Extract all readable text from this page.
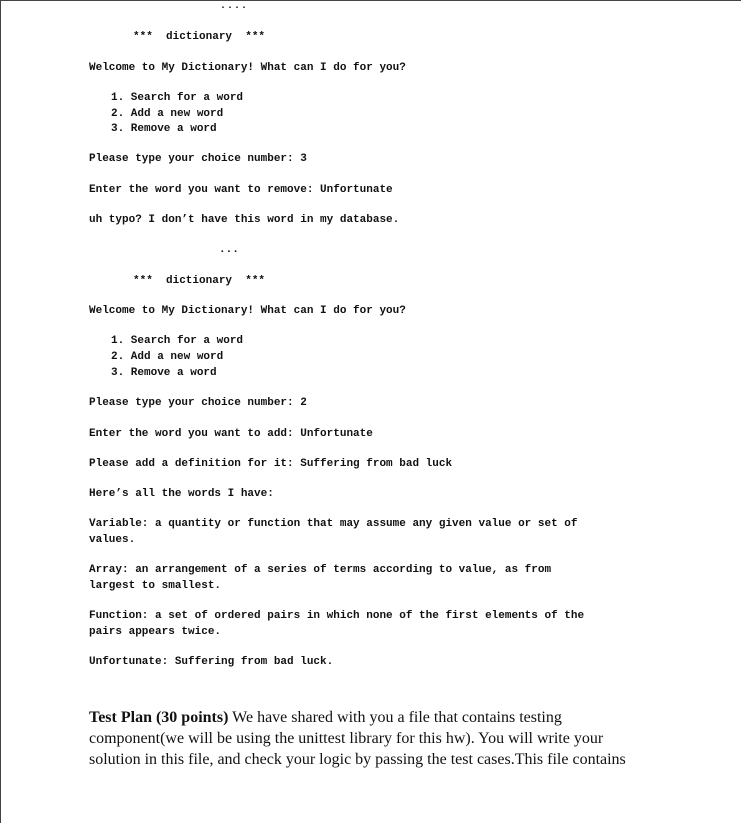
....
***  dictionary  ***
Welcome to My Dictionary! What can I do for you?
1. Search for a word
2. Add a new word
3. Remove a word
Please type your choice number: 3
Enter the word you want to remove: Unfortunate
uh typo? I don’t have this word in my database.
...
***  dictionary  ***
Welcome to My Dictionary! What can I do for you?
1. Search for a word
2. Add a new word
3. Remove a word
Please type your choice number: 2
Enter the word you want to add: Unfortunate
Please add a definition for it: Suffering from bad luck
Here’s all the words I have:
Variable: a quantity or function that may assume any given value or set of
values.
Array: an arrangement of a series of terms according to value, as from
largest to smallest.
Function: a set of ordered pairs in which none of the first elements of the
pairs appears twice.
Unfortunate: Suffering from bad luck.

Test Plan (30 points) We have shared with you a file that contains testing component(we will be using the unittest library for this hw). You will write your solution in this file, and check your logic by passing the test cases.This file contains
